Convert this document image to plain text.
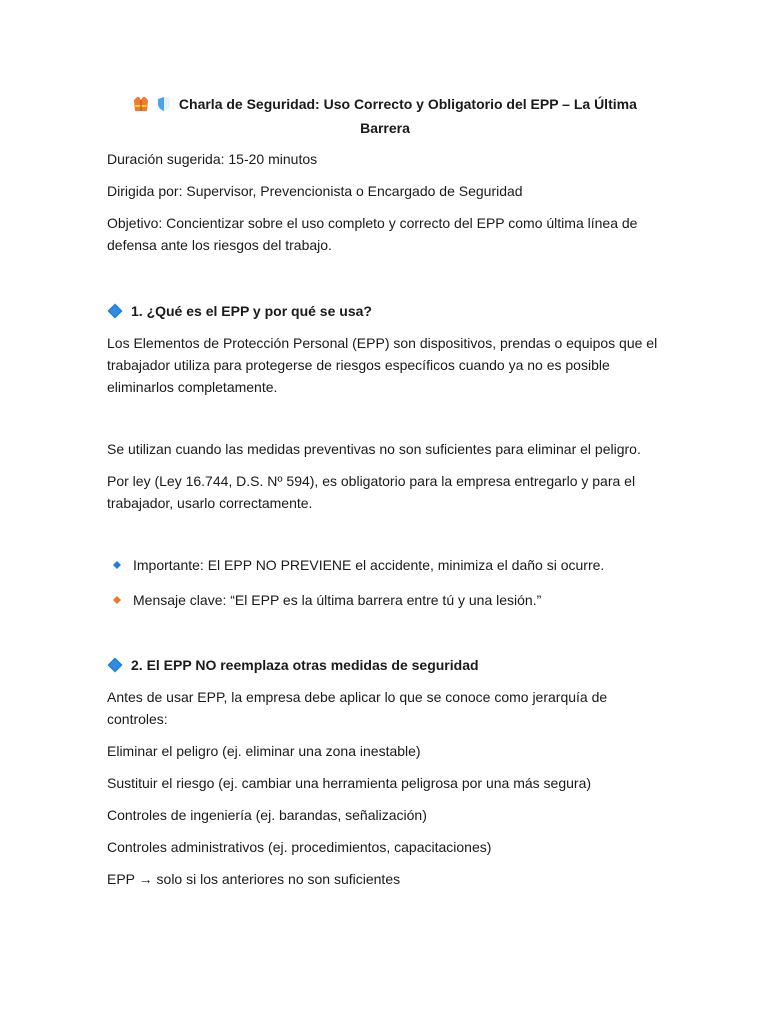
Charla de Seguridad: Uso Correcto y Obligatorio del EPP – La Última Barrera

Duración sugerida: 15-20 minutos

Dirigida por: Supervisor, Prevencionista o Encargado de Seguridad

Objetivo: Concientizar sobre el uso completo y correcto del EPP como última línea de defensa ante los riesgos del trabajo.

1. ¿Qué es el EPP y por qué se usa?

Los Elementos de Protección Personal (EPP) son dispositivos, prendas o equipos que el trabajador utiliza para protegerse de riesgos específicos cuando ya no es posible eliminarlos completamente.

Se utilizan cuando las medidas preventivas no son suficientes para eliminar el peligro.

Por ley (Ley 16.744, D.S. Nº 594), es obligatorio para la empresa entregarlo y para el trabajador, usarlo correctamente.

Importante: El EPP NO PREVIENE el accidente, minimiza el daño si ocurre.
Mensaje clave: “El EPP es la última barrera entre tú y una lesión.”
2. El EPP NO reemplaza otras medidas de seguridad

Antes de usar EPP, la empresa debe aplicar lo que se conoce como jerarquía de controles:

Eliminar el peligro (ej. eliminar una zona inestable)

Sustituir el riesgo (ej. cambiar una herramienta peligrosa por una más segura)

Controles de ingeniería (ej. barandas, señalización)

Controles administrativos (ej. procedimientos, capacitaciones)

EPP → solo si los anteriores no son suficientes
